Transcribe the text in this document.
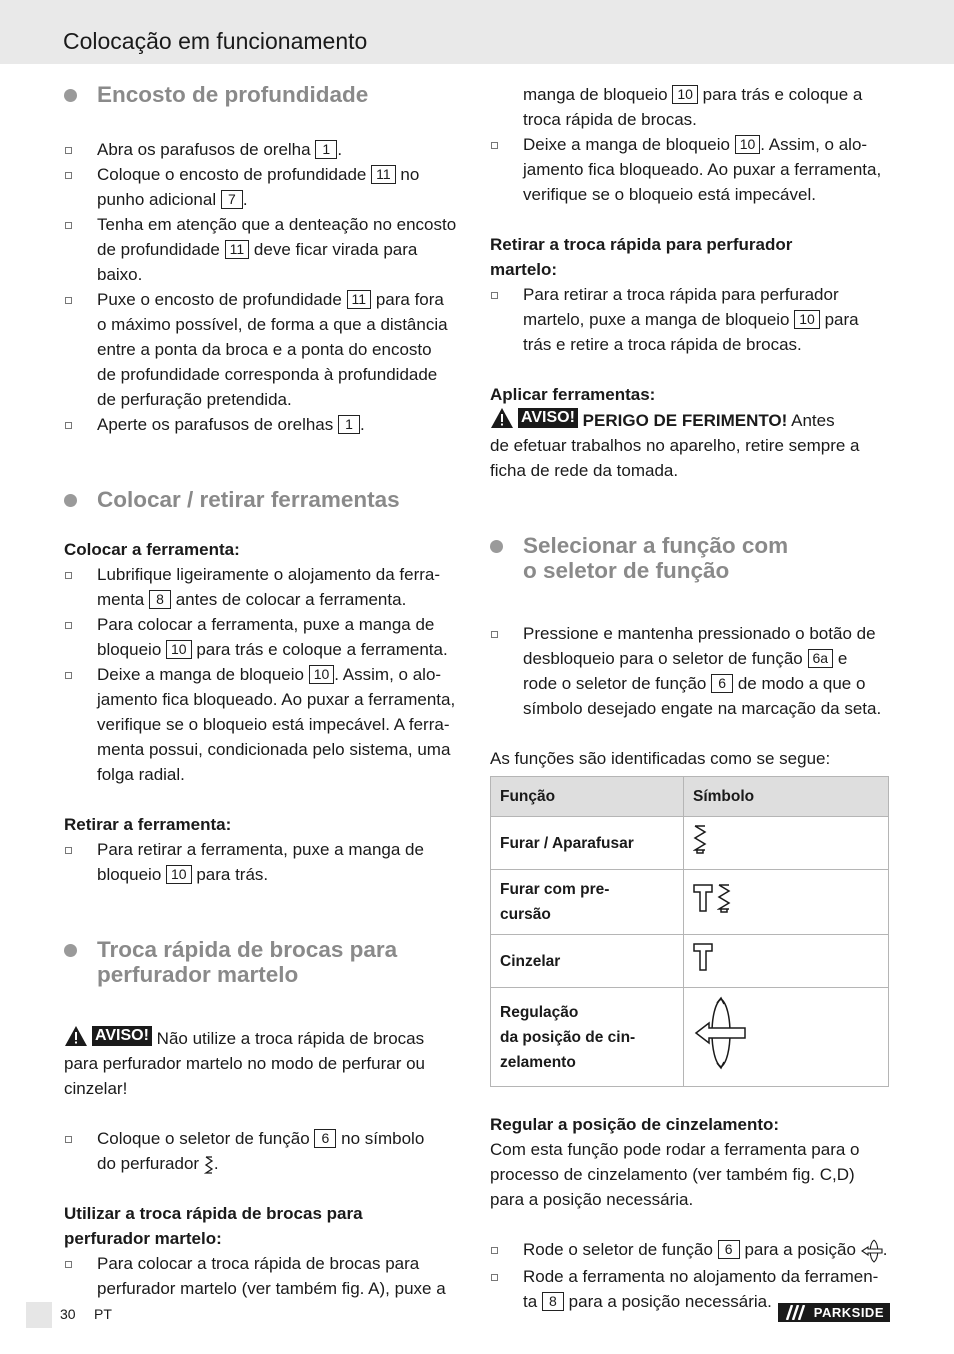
Colocação em funcionamento
Encosto de profundidade
Abra os parafusos de orelha 1 .
Coloque o encosto de profundidade 11 no
punho adicional 7 .
Tenha em atenção que a denteação no encosto
de profundidade 11 deve ficar virada para baixo.
Puxe o encosto de profundidade 11 para fora
o máximo possível, de forma a que a distância
entre a ponta da broca e a ponta do encosto
de profundidade corresponda à profundidade
de perfuração pretendida.
Aperte os parafusos de orelhas 1 .
Colocar / retirar ferramentas
Colocar a ferramenta:
Lubrifique ligeiramente o alojamento da ferra-
menta 8 antes de colocar a ferramenta.
Para colocar a ferramenta, puxe a manga de
bloqueio 10 para trás e coloque a ferramenta.
Deixe a manga de bloqueio 10 . Assim, o alo-
jamento fica bloqueado. Ao puxar a ferramenta,
verifique se o bloqueio está impecável. A ferra-
menta possui, condicionada pelo sistema, uma
folga radial.
Retirar a ferramenta:
Para retirar a ferramenta, puxe a manga de
bloqueio 10 para trás.
Troca rápida de brocas para
perfurador martelo
AVISO! Não utilize a troca rápida de brocas
para perfurador martelo no modo de perfurar ou
cinzelar!
Coloque o seletor de função 6 no símbolo
do perfurador .
Utilizar a troca rápida de brocas para
perfurador martelo:
Para colocar a troca rápida de brocas para
perfurador martelo (ver também fig. A), puxe a
manga de bloqueio 10 para trás e coloque a
troca rápida de brocas.
Deixe a manga de bloqueio 10 . Assim, o alo-
jamento fica bloqueado. Ao puxar a ferramenta,
verifique se o bloqueio está impecável.
Retirar a troca rápida para perfurador
martelo:
Para retirar a troca rápida para perfurador
martelo, puxe a manga de bloqueio 10 para
trás e retire a troca rápida de brocas.
Aplicar ferramentas:
AVISO! PERIGO DE FERIMENTO! Antes
de efetuar trabalhos no aparelho, retire sempre a
ficha de rede da tomada.
Selecionar a função com
o seletor de função
Pressione e mantenha pressionado o botão de
desbloqueio para o seletor de função 6a e
rode o seletor de função 6 de modo a que o
símbolo desejado engate na marcação da seta.
As funções são identificadas como se segue:
Função	Símbolo
Furar / Aparafusar	
Furar com pre-
cursão	
Cinzelar	
Regulação
da posição de cin-
zelamento	
Regular a posição de cinzelamento:
Com esta função pode rodar a ferramenta para o
processo de cinzelamento (ver também fig. C,D)
para a posição necessária.
Rode o seletor de função 6 para a posição .
Rode a ferramenta no alojamento da ferramen-
ta 8 para a posição necessária.
30 PT	PARKSIDE
